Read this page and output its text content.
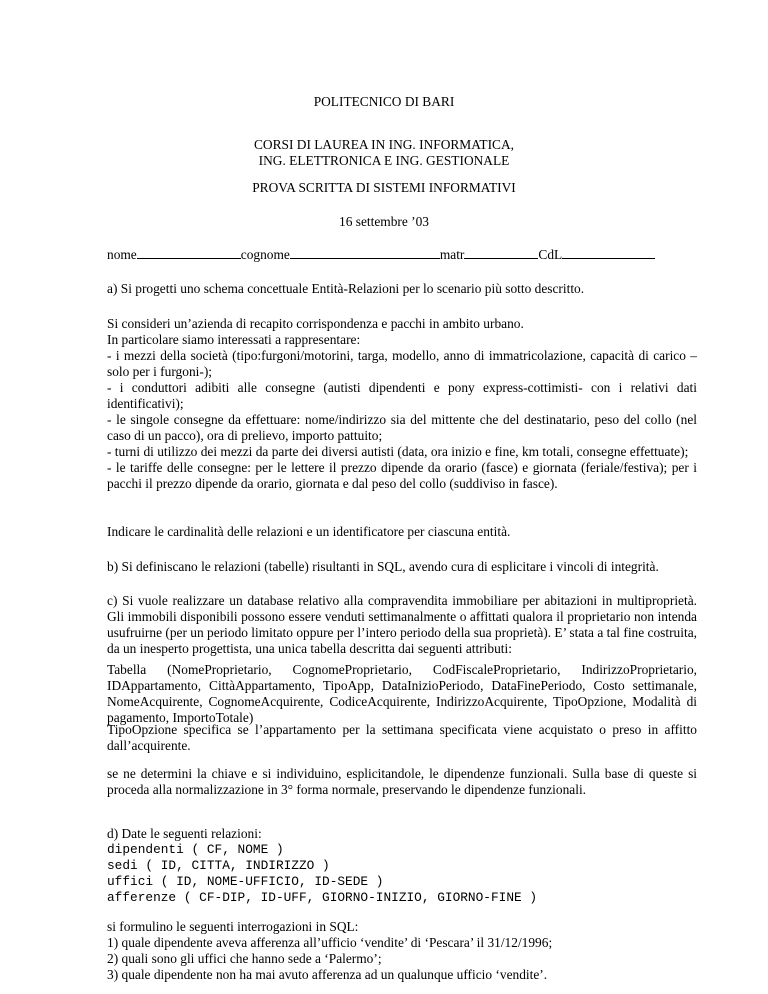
POLITECNICO DI BARI
CORSI DI LAUREA IN ING. INFORMATICA,
ING. ELETTRONICA E ING. GESTIONALE
PROVA SCRITTA DI SISTEMI INFORMATIVI
16 settembre ’03
nome	cognome	matr	CdL
a) Si progetti uno schema concettuale Entità-Relazioni per lo scenario più sotto descritto.
Si consideri un’azienda di recapito corrispondenza e pacchi in ambito urbano.
In particolare siamo interessati a rappresentare:
- i mezzi della società (tipo:furgoni/motorini, targa, modello, anno di immatricolazione, capacità di carico – solo per i furgoni-);
- i conduttori adibiti alle consegne (autisti dipendenti e pony express-cottimisti- con i relativi dati identificativi);
- le singole consegne da effettuare: nome/indirizzo sia del mittente che del destinatario, peso del collo (nel caso di un pacco), ora di prelievo, importo pattuito;
- turni di utilizzo dei mezzi da parte dei diversi autisti (data, ora inizio e fine, km totali, consegne effettuate);
- le tariffe delle consegne: per le lettere il prezzo dipende da orario (fasce) e giornata (feriale/festiva); per i pacchi il prezzo dipende da orario, giornata e dal peso del collo (suddiviso in fasce).
Indicare le cardinalità delle relazioni e un identificatore per ciascuna entità.
b) Si definiscano le relazioni (tabelle) risultanti in SQL, avendo cura di esplicitare i vincoli di integrità.
c) Si vuole realizzare un database relativo alla compravendita immobiliare per abitazioni in multiproprietà. Gli immobili disponibili possono essere venduti settimanalmente o affittati qualora il proprietario non intenda usufruirne (per un periodo limitato oppure per l’intero periodo della sua proprietà). E’ stata a tal fine costruita, da un inesperto progettista, una unica tabella descritta dai seguenti attributi:
Tabella (NomeProprietario, CognomeProprietario, CodFiscaleProprietario, IndirizzoProprietario, IDAppartamento, CittàAppartamento, TipoApp, DataInizioPeriodo, DataFinePeriodo, Costo settimanale, NomeAcquirente, CognomeAcquirente, CodiceAcquirente, IndirizzoAcquirente, TipoOpzione, Modalità di pagamento, ImportoTotale)
TipoOpzione specifica se l’appartamento per la settimana specificata viene acquistato o preso in affitto dall’acquirente.
se ne determini la chiave e si individuino, esplicitandole, le dipendenze funzionali. Sulla base di queste si proceda alla normalizzazione in 3° forma normale, preservando le dipendenze funzionali.
d) Date le seguenti relazioni:
dipendenti ( CF, NOME )
sedi ( ID, CITTA, INDIRIZZO )
uffici ( ID, NOME-UFFICIO, ID-SEDE )
afferenze ( CF-DIP, ID-UFF, GIORNO-INIZIO, GIORNO-FINE )
si formulino le seguenti interrogazioni in SQL:
1) quale dipendente aveva afferenza all’ufficio ‘vendite’ di ‘Pescara’ il 31/12/1996;
2) quali sono gli uffici che hanno sede a ‘Palermo’;
3) quale dipendente non ha mai avuto afferenza ad un qualunque ufficio ‘vendite’.
